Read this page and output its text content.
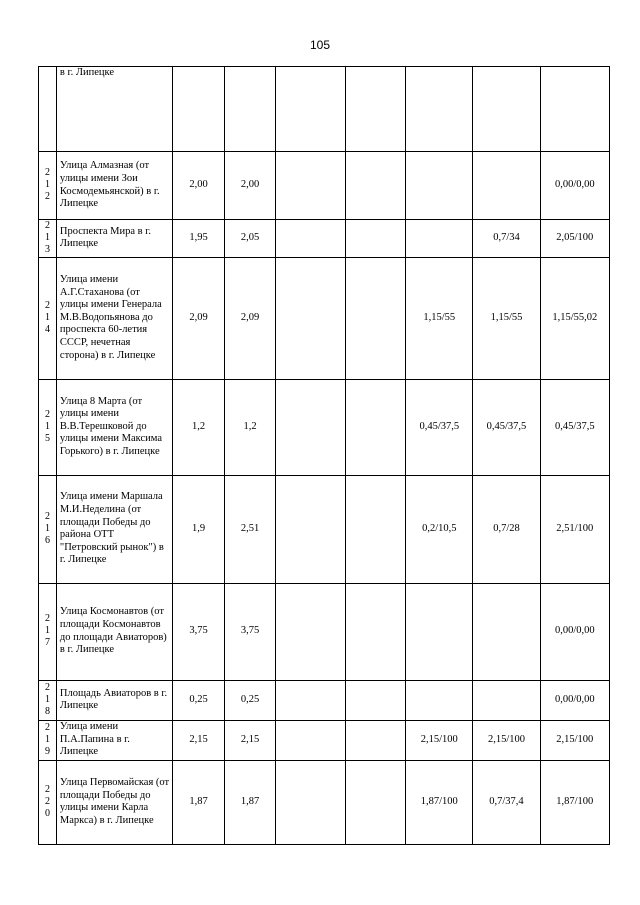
105
	в г. Липецке							
212	Улица Алмазная (от улицы имени Зои Космодемьянской) в г. Липецке	2,00	2,00					0,00/0,00
213	Проспекта Мира в г. Липецке	1,95	2,05				0,7/34	2,05/100
214	Улица имени А.Г.Стаханова (от улицы имени Генерала М.В.Водопьянова до проспекта 60-летия СССР, нечетная сторона) в г. Липецке	2,09	2,09			1,15/55	1,15/55	1,15/55,02
215	Улица 8 Марта (от улицы имени В.В.Терешковой до улицы имени Максима Горького) в г. Липецке	1,2	1,2			0,45/37,5	0,45/37,5	0,45/37,5
216	Улица имени Маршала М.И.Неделина (от площади Победы до района ОТТ "Петровский рынок") в г. Липецке	1,9	2,51			0,2/10,5	0,7/28	2,51/100
217	Улица Космонавтов (от площади Космонавтов до площади Авиаторов) в г. Липецке	3,75	3,75					0,00/0,00
218	Площадь Авиаторов в г. Липецке	0,25	0,25					0,00/0,00
219	Улица имени П.А.Папина в г. Липецке	2,15	2,15			2,15/100	2,15/100	2,15/100
220	Улица Первомайская (от площади Победы до улицы имени Карла Маркса) в г. Липецке	1,87	1,87			1,87/100	0,7/37,4	1,87/100
